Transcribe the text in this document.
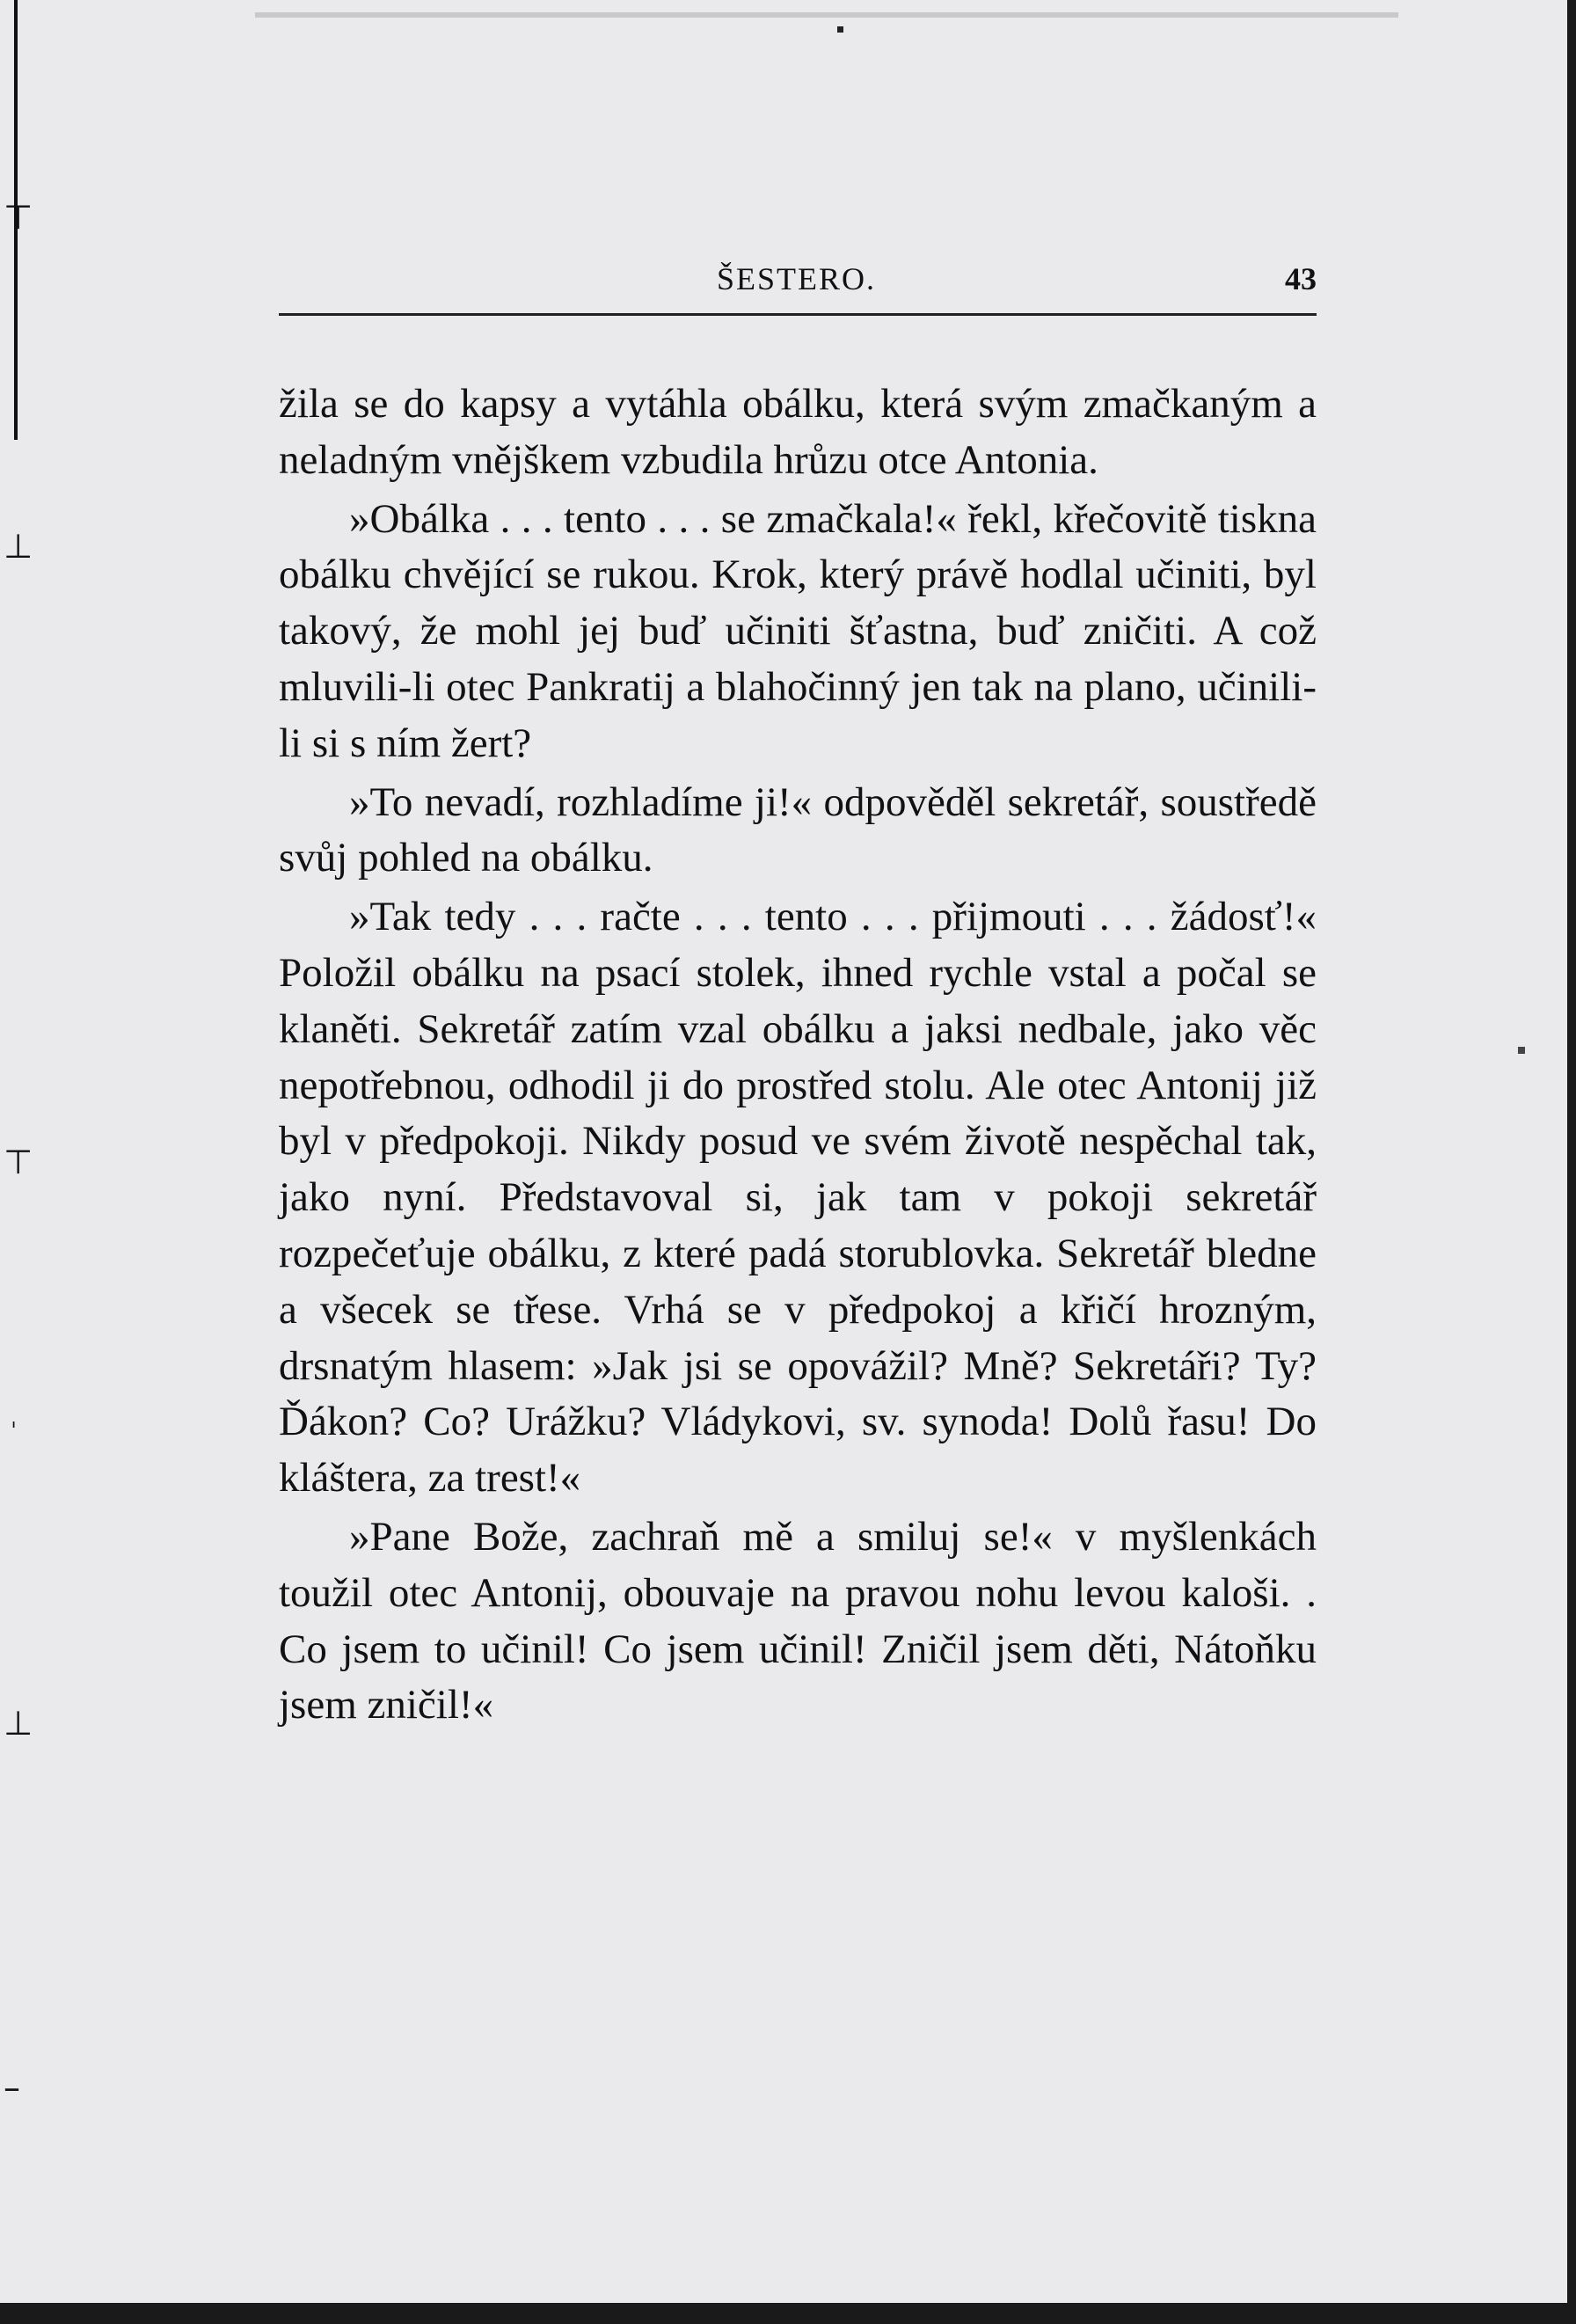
⊤
⊥
⊤
ˌ
⊥
–
ŠESTERO.	43

žila se do kapsy a vytáhla obálku, která svým zmačkaným a neladným vnějškem vzbudila hrůzu otce Antonia.

»Obálka . . . tento . . . se zmačkala!« řekl, křečovitě tiskna obálku chvějící se rukou. Krok, který právě hodlal učiniti, byl takový, že mohl jej buď učiniti šťastna, buď zničiti. A což mluvili-li otec Pankratij a blahočinný jen tak na plano, učinili-li si s ním žert?

»To nevadí, rozhladíme ji!« odpověděl sekretář, soustředě svůj pohled na obálku.

»Tak tedy . . . račte . . . tento . . . přijmouti . . . žádosť!« Položil obálku na psací stolek, ihned rychle vstal a počal se klaněti. Sekretář zatím vzal obálku a jaksi nedbale, jako věc nepotřebnou, odhodil ji do prostřed stolu. Ale otec Antonij již byl v předpokoji. Nikdy posud ve svém životě nespěchal tak, jako nyní. Představoval si, jak tam v pokoji sekretář rozpečeťuje obálku, z které padá storublovka. Sekretář bledne a všecek se třese. Vrhá se v předpokoj a křičí hrozným, drsnatým hlasem: »Jak jsi se opovážil? Mně? Sekretáři? Ty? Ďákon? Co? Urážku? Vládykovi, sv. synoda! Dolů řasu! Do kláštera, za trest!«

»Pane Bože, zachraň mě a smiluj se!« v myšlenkách toužil otec Antonij, obouvaje na pravou nohu levou kaloši. . Co jsem to učinil! Co jsem učinil! Zničil jsem děti, Nátoňku jsem zničil!«
